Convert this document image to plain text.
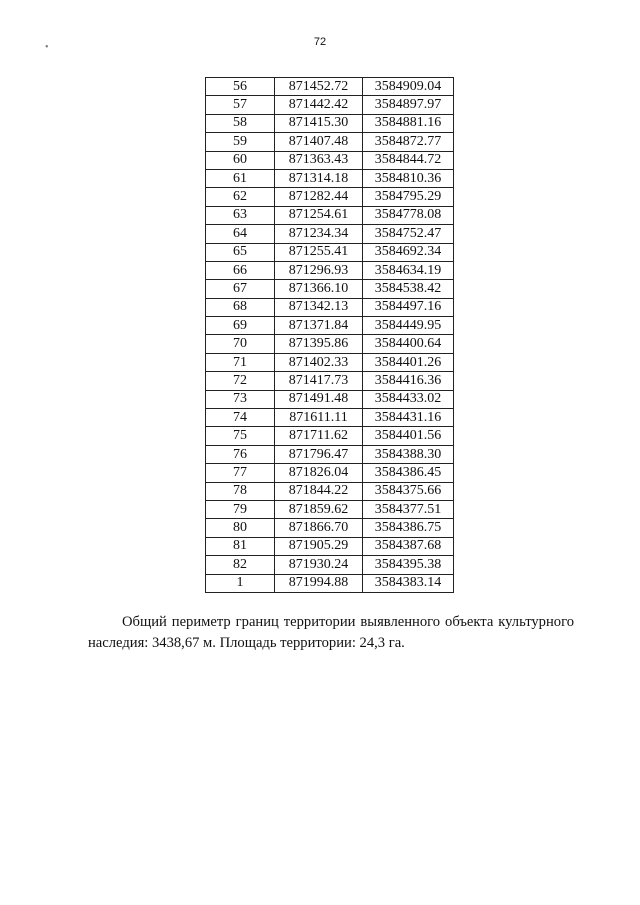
•	72
56	871452.72	3584909.04
57	871442.42	3584897.97
58	871415.30	3584881.16
59	871407.48	3584872.77
60	871363.43	3584844.72
61	871314.18	3584810.36
62	871282.44	3584795.29
63	871254.61	3584778.08
64	871234.34	3584752.47
65	871255.41	3584692.34
66	871296.93	3584634.19
67	871366.10	3584538.42
68	871342.13	3584497.16
69	871371.84	3584449.95
70	871395.86	3584400.64
71	871402.33	3584401.26
72	871417.73	3584416.36
73	871491.48	3584433.02
74	871611.11	3584431.16
75	871711.62	3584401.56
76	871796.47	3584388.30
77	871826.04	3584386.45
78	871844.22	3584375.66
79	871859.62	3584377.51
80	871866.70	3584386.75
81	871905.29	3584387.68
82	871930.24	3584395.38
1	871994.88	3584383.14
Общий периметр границ территории выявленного объекта культурного наследия: 3438,67 м. Площадь территории: 24,3 га.
